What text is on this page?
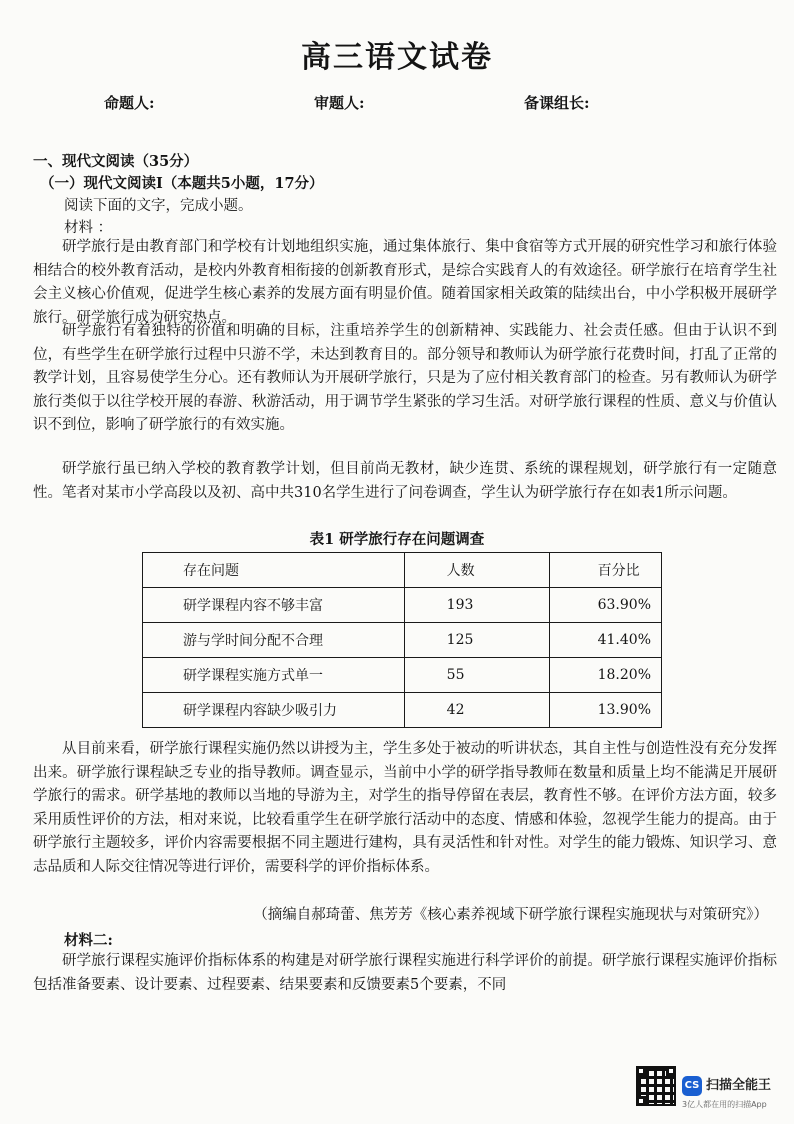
高三语文试卷
命题人:	审题人:	备课组长:
一、现代文阅读（35分）
（一）现代文阅读Ⅰ（本题共5小题，17分）
阅读下面的文字，完成小题。
材料 ：

研学旅行是由教育部门和学校有计划地组织实施，通过集体旅行、集中食宿等方式开展的研究性学习和旅行体验相结合的校外教育活动，是校内外教育相衔接的创新教育形式，是综合实践育人的有效途径。研学旅行在培育学生社会主义核心价值观，促进学生核心素养的发展方面有明显价值。随着国家相关政策的陆续出台，中小学积极开展研学旅行。研学旅行成为研究热点。

研学旅行有着独特的价值和明确的目标，注重培养学生的创新精神、实践能力、社会责任感。但由于认识不到位，有些学生在研学旅行过程中只游不学，未达到教育目的。部分领导和教师认为研学旅行花费时间，打乱了正常的教学计划，且容易使学生分心。还有教师认为开展研学旅行，只是为了应付相关教育部门的检查。另有教师认为研学旅行类似于以往学校开展的春游、秋游活动，用于调节学生紧张的学习生活。对研学旅行课程的性质、意义与价值认识不到位，影响了研学旅行的有效实施。

研学旅行虽已纳入学校的教育教学计划，但目前尚无教材，缺少连贯、系统的课程规划，研学旅行有一定随意性。笔者对某市小学高段以及初、高中共310名学生进行了问卷调查，学生认为研学旅行存在如表1所示问题。

表1 研学旅行存在问题调查
存在问题	人数	百分比
研学课程内容不够丰富	193	63.90%
游与学时间分配不合理	125	41.40%
研学课程实施方式单一	55	18.20%
研学课程内容缺少吸引力	42	13.90%

从目前来看，研学旅行课程实施仍然以讲授为主，学生多处于被动的听讲状态，其自主性与创造性没有充分发挥出来。研学旅行课程缺乏专业的指导教师。调查显示，当前中小学的研学指导教师在数量和质量上均不能满足开展研学旅行的需求。研学基地的教师以当地的导游为主，对学生的指导停留在表层，教育性不够。在评价方法方面，较多采用质性评价的方法，相对来说，比较看重学生在研学旅行活动中的态度、情感和体验，忽视学生能力的提高。由于研学旅行主题较多，评价内容需要根据不同主题进行建构，具有灵活性和针对性。对学生的能力锻炼、知识学习、意志品质和人际交往情况等进行评价，需要科学的评价指标体系。

（摘编自郝琦蕾、焦芳芳《核心素养视域下研学旅行课程实施现状与对策研究》）
材料二:

研学旅行课程实施评价指标体系的构建是对研学旅行课程实施进行科学评价的前提。研学旅行课程实施评价指标包括准备要素、设计要素、过程要素、结果要素和反馈要素5个要素，不同

CS 扫描全能王
3亿人都在用的扫描App
